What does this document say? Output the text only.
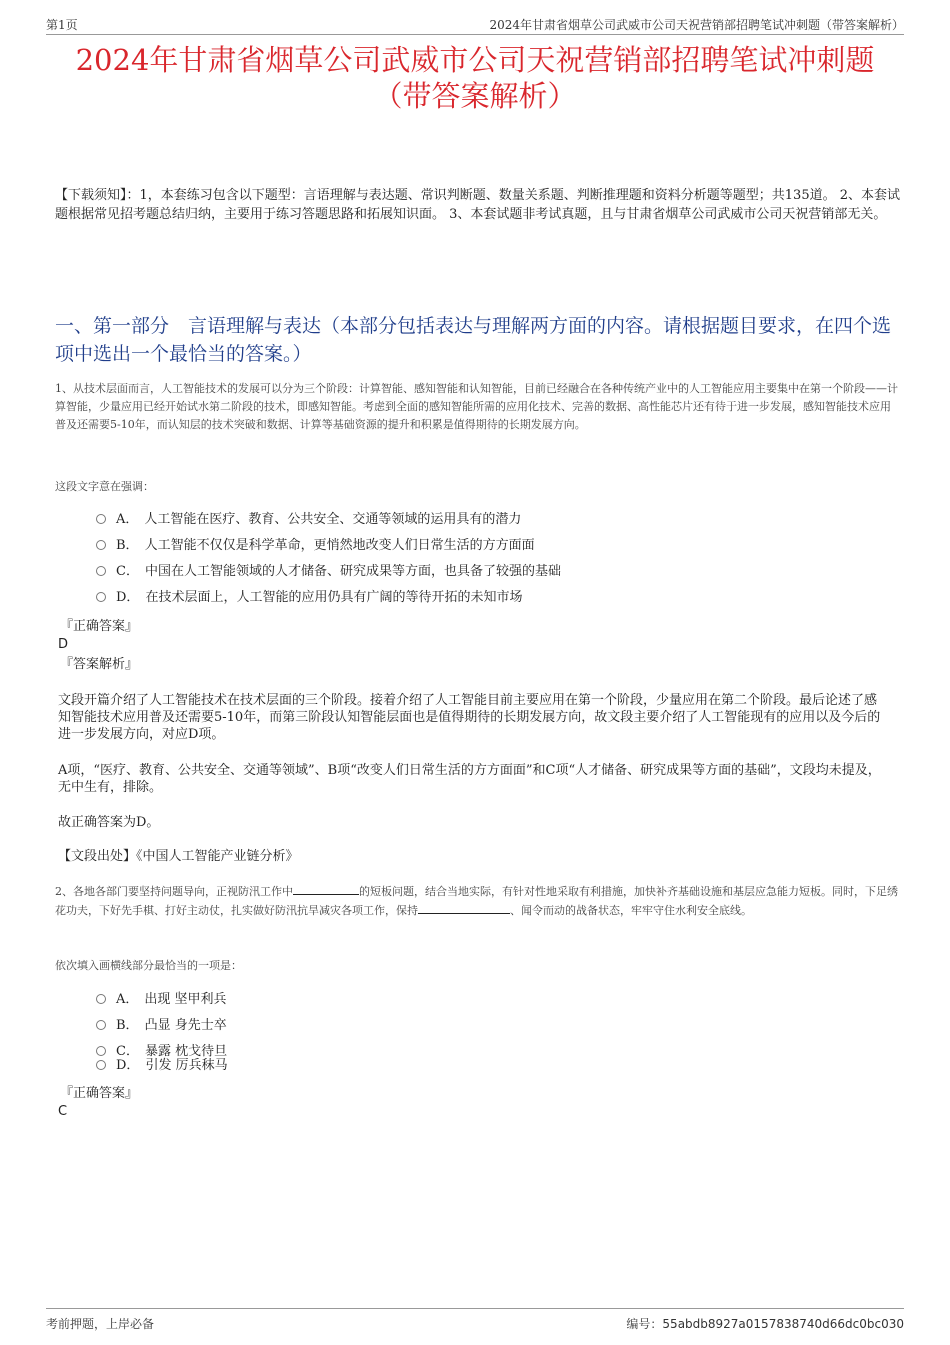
第1页	2024年甘肃省烟草公司武威市公司天祝营销部招聘笔试冲刺题（带答案解析）
2024年甘肃省烟草公司武威市公司天祝营销部招聘笔试冲刺题
（带答案解析）
【下载须知】：1，本套练习包含以下题型：言语理解与表达题、常识判断题、数量关系题、判断推理题和资料分析题等题型；共135道。 2、本套试题根据常见招考题总结归纳，主要用于练习答题思路和拓展知识面。 3、本套试题非考试真题，且与甘肃省烟草公司武威市公司天祝营销部无关。
一、第一部分　言语理解与表达（本部分包括表达与理解两方面的内容。请根据题目要求，在四个选项中选出一个最恰当的答案。）
1、从技术层面而言，人工智能技术的发展可以分为三个阶段：计算智能、感知智能和认知智能，目前已经融合在各种传统产业中的人工智能应用主要集中在第一个阶段——计算智能，少量应用已经开始试水第二阶段的技术，即感知智能。考虑到全面的感知智能所需的应用化技术、完善的数据、高性能芯片还有待于进一步发展，感知智能技术应用普及还需要5-10年，而认知层的技术突破和数据、计算等基础资源的提升和积累是值得期待的长期发展方向。
这段文字意在强调：
A． 人工智能在医疗、教育、公共安全、交通等领域的运用具有的潜力
B． 人工智能不仅仅是科学革命，更悄然地改变人们日常生活的方方面面
C． 中国在人工智能领域的人才储备、研究成果等方面，也具备了较强的基础
D． 在技术层面上，人工智能的应用仍具有广阔的等待开拓的未知市场
『正确答案』
D
『答案解析』
文段开篇介绍了人工智能技术在技术层面的三个阶段。接着介绍了人工智能目前主要应用在第一个阶段，少量应用在第二个阶段。最后论述了感知智能技术应用普及还需要5-10年，而第三阶段认知智能层面也是值得期待的长期发展方向，故文段主要介绍了人工智能现有的应用以及今后的进一步发展方向，对应D项。
A项，“医疗、教育、公共安全、交通等领域”、B项“改变人们日常生活的方方面面”和C项“人才储备、研究成果等方面的基础”，文段均未提及，无中生有，排除。
故正确答案为D。
【文段出处】《中国人工智能产业链分析》
2、各地各部门要坚持问题导向，正视防汛工作中	的短板问题，结合当地实际，有针对性地采取有利措施，加快补齐基础设施和基层应急能力短板。同时，下足绣花功夫，下好先手棋、打好主动仗，扎实做好防汛抗旱减灾各项工作，保持	、闻令而动的战备状态，牢牢守住水利安全底线。
依次填入画横线部分最恰当的一项是：
A． 出现 坚甲利兵
B． 凸显 身先士卒
C． 暴露 枕戈待旦
D． 引发 厉兵秣马
『正确答案』
C
考前押题，上岸必备	编号：55abdb8927a0157838740d66dc0bc030
